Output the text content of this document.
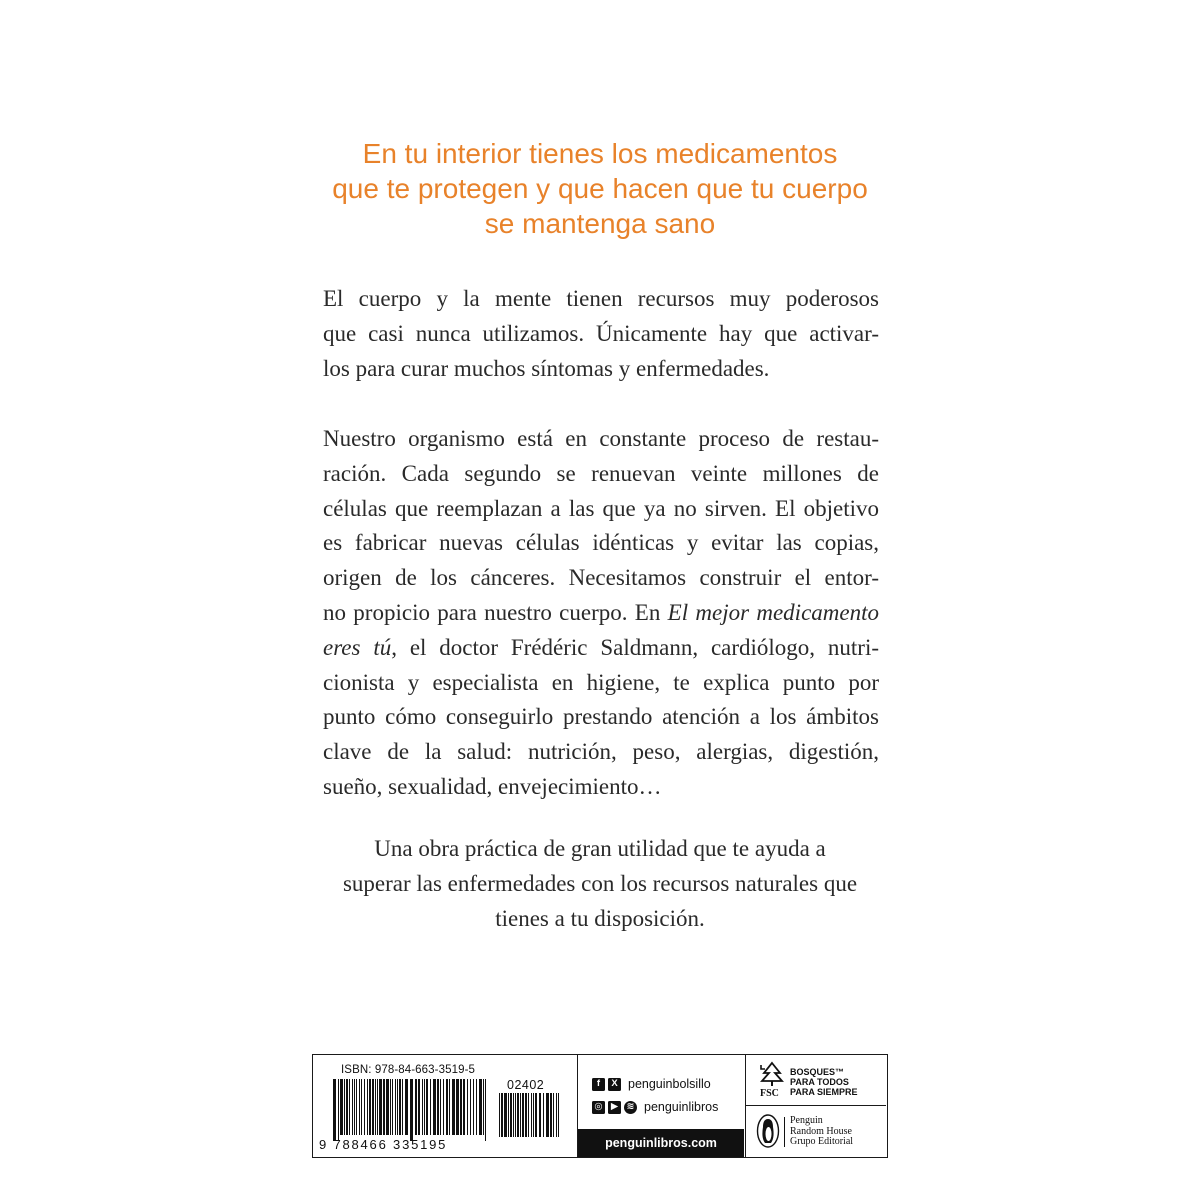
En tu interior tienes los medicamentos
que te protegen y que hacen que tu cuerpo
se mantenga sano
El cuerpo y la mente tienen recursos muy poderosos
que casi nunca utilizamos. Únicamente hay que activar-
los para curar muchos síntomas y enfermedades.
Nuestro organismo está en constante proceso de restau-
ración. Cada segundo se renuevan veinte millones de
células que reemplazan a las que ya no sirven. El objetivo
es fabricar nuevas células idénticas y evitar las copias,
origen de los cánceres. Necesitamos construir el entor-
no propicio para nuestro cuerpo. En El mejor medicamento
eres tú, el doctor Frédéric Saldmann, cardiólogo, nutri-
cionista y especialista en higiene, te explica punto por
punto cómo conseguirlo prestando atención a los ámbitos
clave de la salud: nutrición, peso, alergias, digestión,
sueño, sexualidad, envejecimiento…
Una obra práctica de gran utilidad que te ayuda a
superar las enfermedades con los recursos naturales que
tienes a tu disposición.
ISBN: 978-84-663-3519-5
02402
9 788466 335195
f	X penguinbolsillo
◎ ▶ ≋ penguinlibros
penguinlibros.com
FSC
BOSQUES™
PARA TODOS
PARA SIEMPRE
Penguin
Random House
Grupo Editorial
